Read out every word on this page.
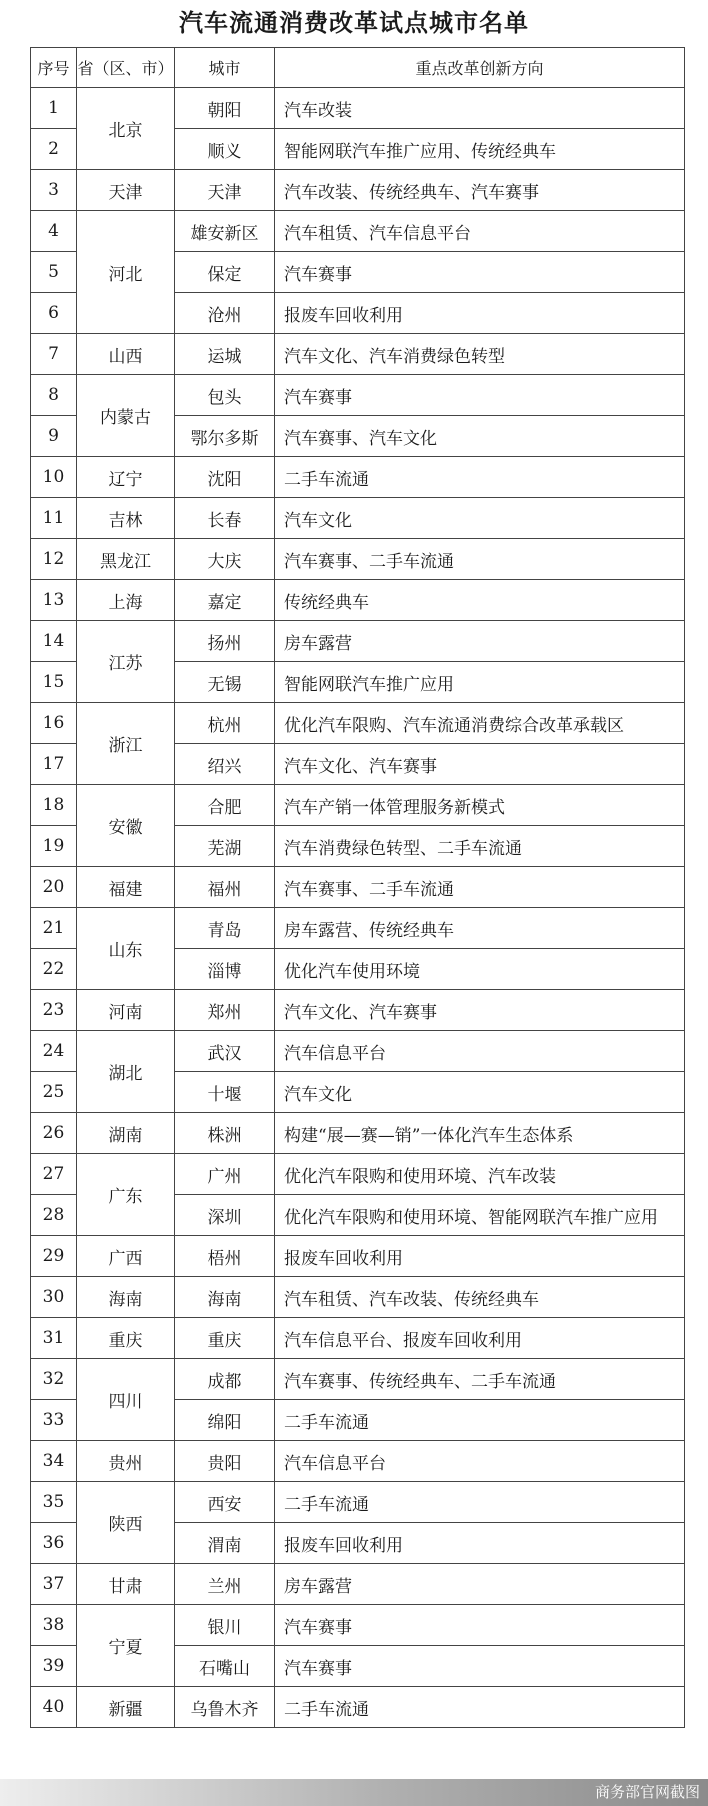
汽车流通消费改革试点城市名单
序号	省（区、市）	城市	重点改革创新方向
1	北京	朝阳	汽车改装
2		顺义	智能网联汽车推广应用、传统经典车
3	天津	天津	汽车改装、传统经典车、汽车赛事
4	河北	雄安新区	汽车租赁、汽车信息平台
5		保定	汽车赛事
6		沧州	报废车回收利用
7	山西	运城	汽车文化、汽车消费绿色转型
8	内蒙古	包头	汽车赛事
9		鄂尔多斯	汽车赛事、汽车文化
10	辽宁	沈阳	二手车流通
11	吉林	长春	汽车文化
12	黑龙江	大庆	汽车赛事、二手车流通
13	上海	嘉定	传统经典车
14	江苏	扬州	房车露营
15		无锡	智能网联汽车推广应用
16	浙江	杭州	优化汽车限购、汽车流通消费综合改革承载区
17		绍兴	汽车文化、汽车赛事
18	安徽	合肥	汽车产销一体管理服务新模式
19		芜湖	汽车消费绿色转型、二手车流通
20	福建	福州	汽车赛事、二手车流通
21	山东	青岛	房车露营、传统经典车
22		淄博	优化汽车使用环境
23	河南	郑州	汽车文化、汽车赛事
24	湖北	武汉	汽车信息平台
25		十堰	汽车文化
26	湖南	株洲	构建“展—赛—销”一体化汽车生态体系
27	广东	广州	优化汽车限购和使用环境、汽车改装
28		深圳	优化汽车限购和使用环境、智能网联汽车推广应用
29	广西	梧州	报废车回收利用
30	海南	海南	汽车租赁、汽车改装、传统经典车
31	重庆	重庆	汽车信息平台、报废车回收利用
32	四川	成都	汽车赛事、传统经典车、二手车流通
33		绵阳	二手车流通
34	贵州	贵阳	汽车信息平台
35	陕西	西安	二手车流通
36		渭南	报废车回收利用
37	甘肃	兰州	房车露营
38	宁夏	银川	汽车赛事
39		石嘴山	汽车赛事
40	新疆	乌鲁木齐	二手车流通
商务部官网截图
